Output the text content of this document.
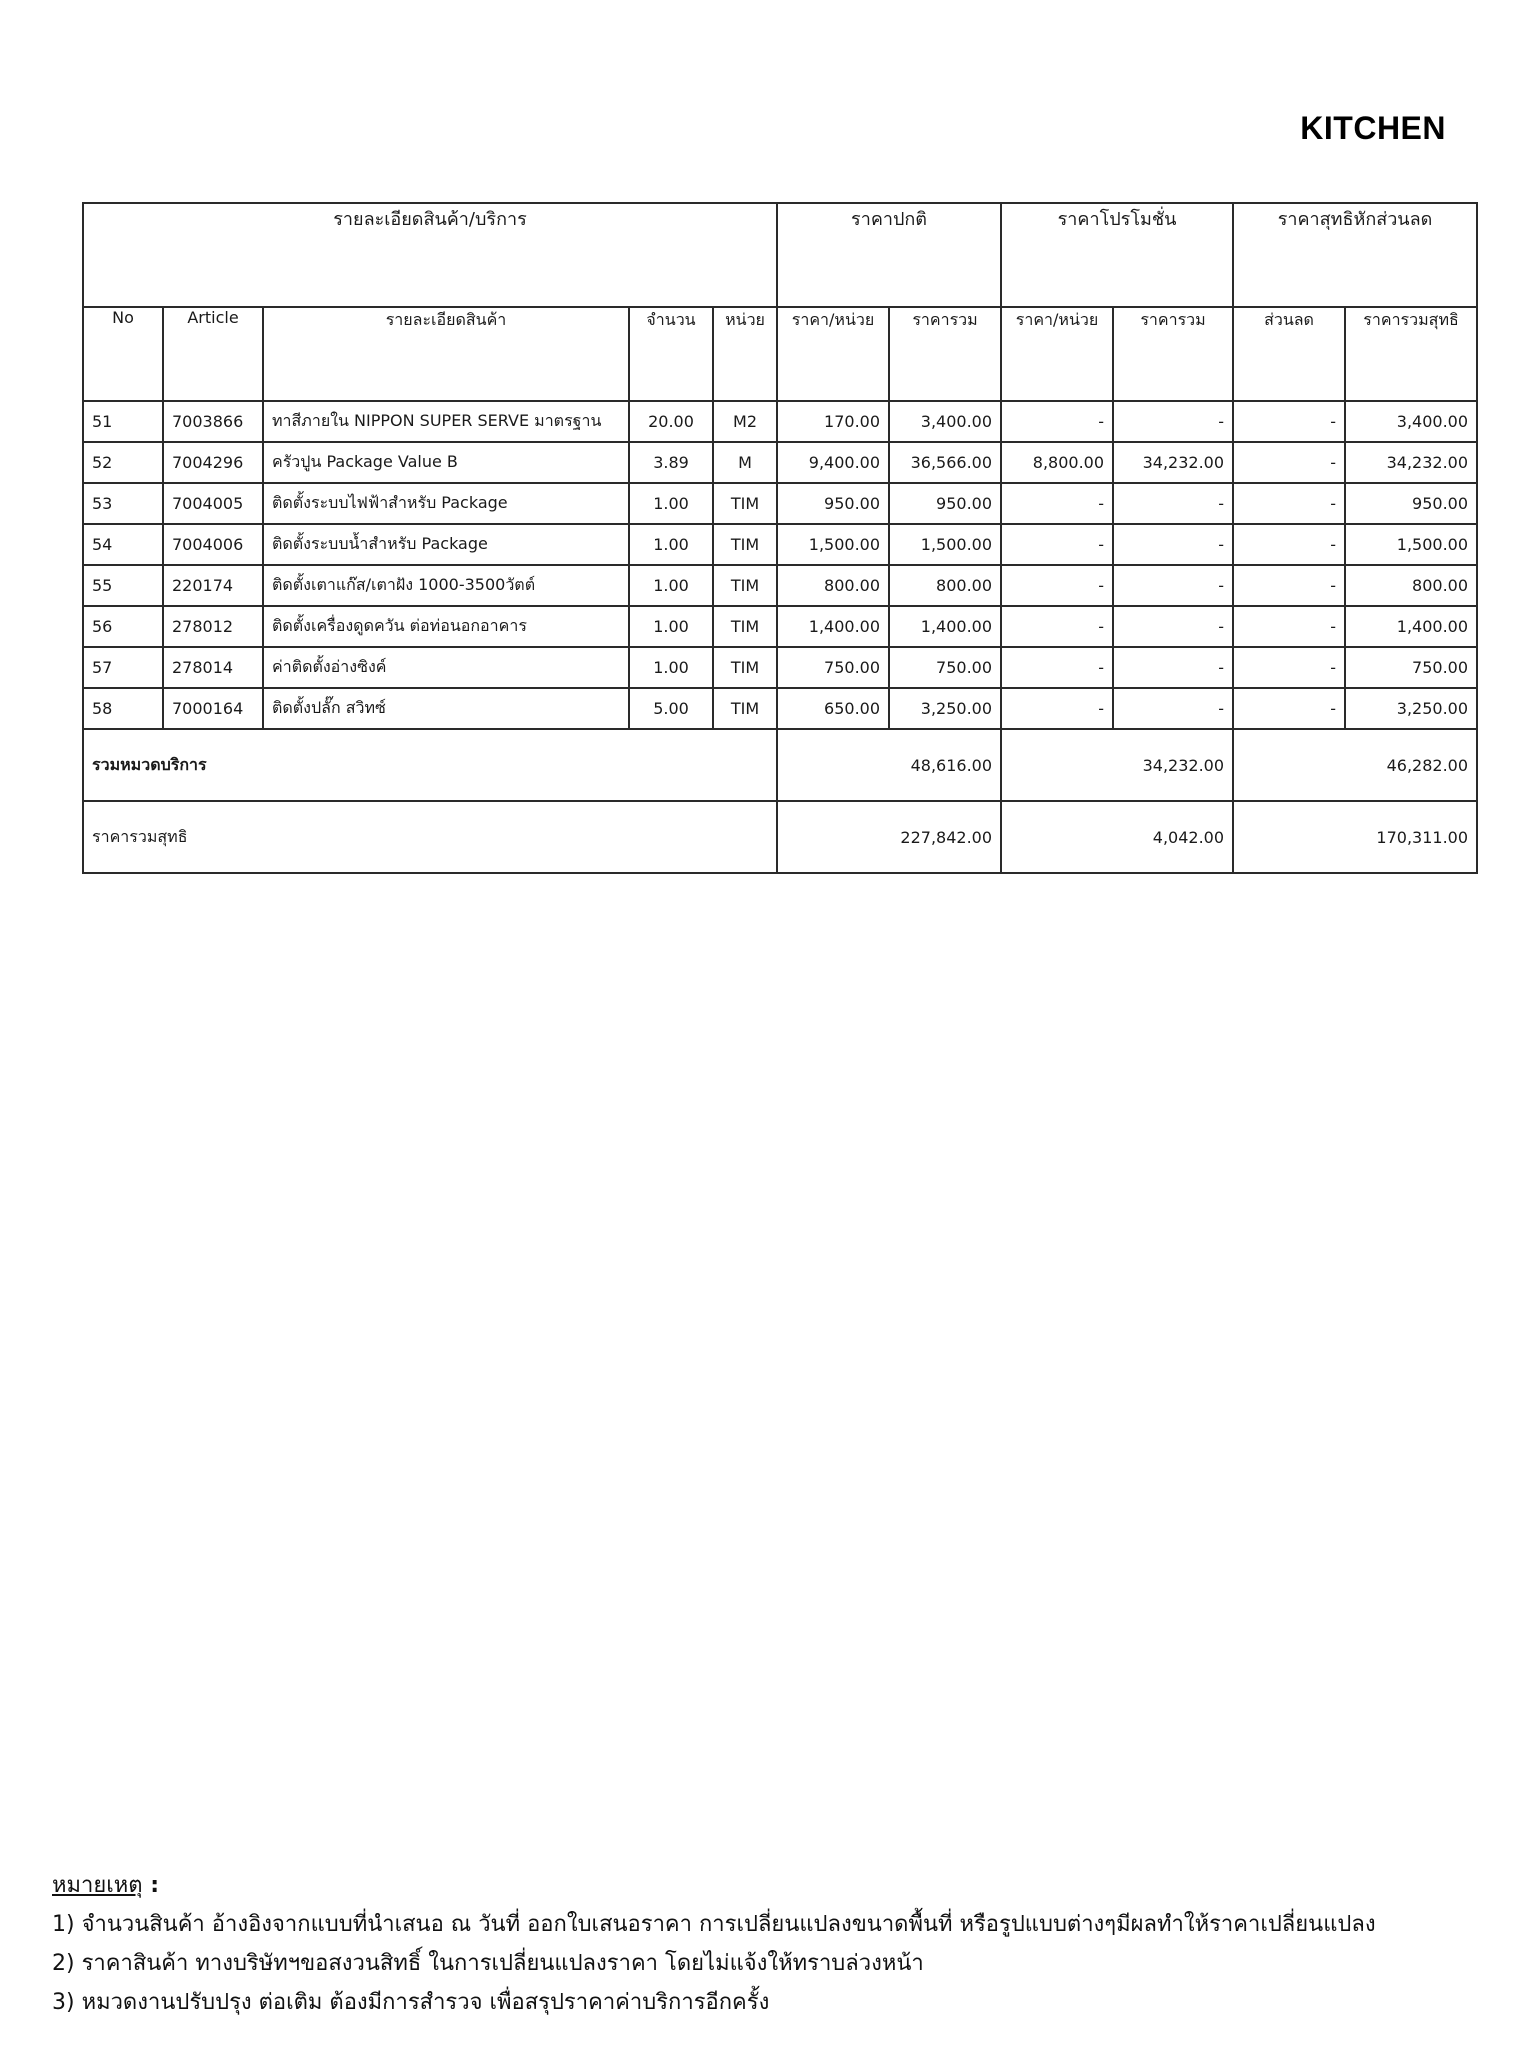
KITCHEN
รายละเอียดสินค้า/บริการ					ราคาปกติ		ราคาโปรโมชั่น		ราคาสุทธิหักส่วนลด	
No	Article	รายละเอียดสินค้า	จำนวน	หน่วย	ราคา/หน่วย	ราคารวม	ราคา/หน่วย	ราคารวม	ส่วนลด	ราคารวมสุทธิ
51	7003866	ทาสีภายใน NIPPON SUPER SERVE มาตรฐาน	20.00	M2	170.00	3,400.00	-	-	-	3,400.00
52	7004296	ครัวปูน Package Value B	3.89	M	9,400.00	36,566.00	8,800.00	34,232.00	-	34,232.00
53	7004005	ติดตั้งระบบไฟฟ้าสำหรับ Package	1.00	TIM	950.00	950.00	-	-	-	950.00
54	7004006	ติดตั้งระบบน้ำสำหรับ Package	1.00	TIM	1,500.00	1,500.00	-	-	-	1,500.00
55	220174	ติดตั้งเตาแก๊ส/เตาฝัง 1000-3500วัตต์	1.00	TIM	800.00	800.00	-	-	-	800.00
56	278012	ติดตั้งเครื่องดูดควัน ต่อท่อนอกอาคาร	1.00	TIM	1,400.00	1,400.00	-	-	-	1,400.00
57	278014	ค่าติดตั้งอ่างซิงค์	1.00	TIM	750.00	750.00	-	-	-	750.00
58	7000164	ติดตั้งปลั๊ก สวิทซ์	5.00	TIM	650.00	3,250.00	-	-	-	3,250.00
รวมหมวดบริการ					48,616.00		34,232.00		46,282.00	
ราคารวมสุทธิ					227,842.00		4,042.00		170,311.00	
หมายเหตุ :
1) จำนวนสินค้า อ้างอิงจากแบบที่นำเสนอ ณ วันที่ ออกใบเสนอราคา การเปลี่ยนแปลงขนาดพื้นที่ หรือรูปแบบต่างๆมีผลทำให้ราคาเปลี่ยนแปลง
2) ราคาสินค้า ทางบริษัทฯขอสงวนสิทธิ์ ในการเปลี่ยนแปลงราคา โดยไม่แจ้งให้ทราบล่วงหน้า
3) หมวดงานปรับปรุง ต่อเติม ต้องมีการสำรวจ เพื่อสรุปราคาค่าบริการอีกครั้ง
